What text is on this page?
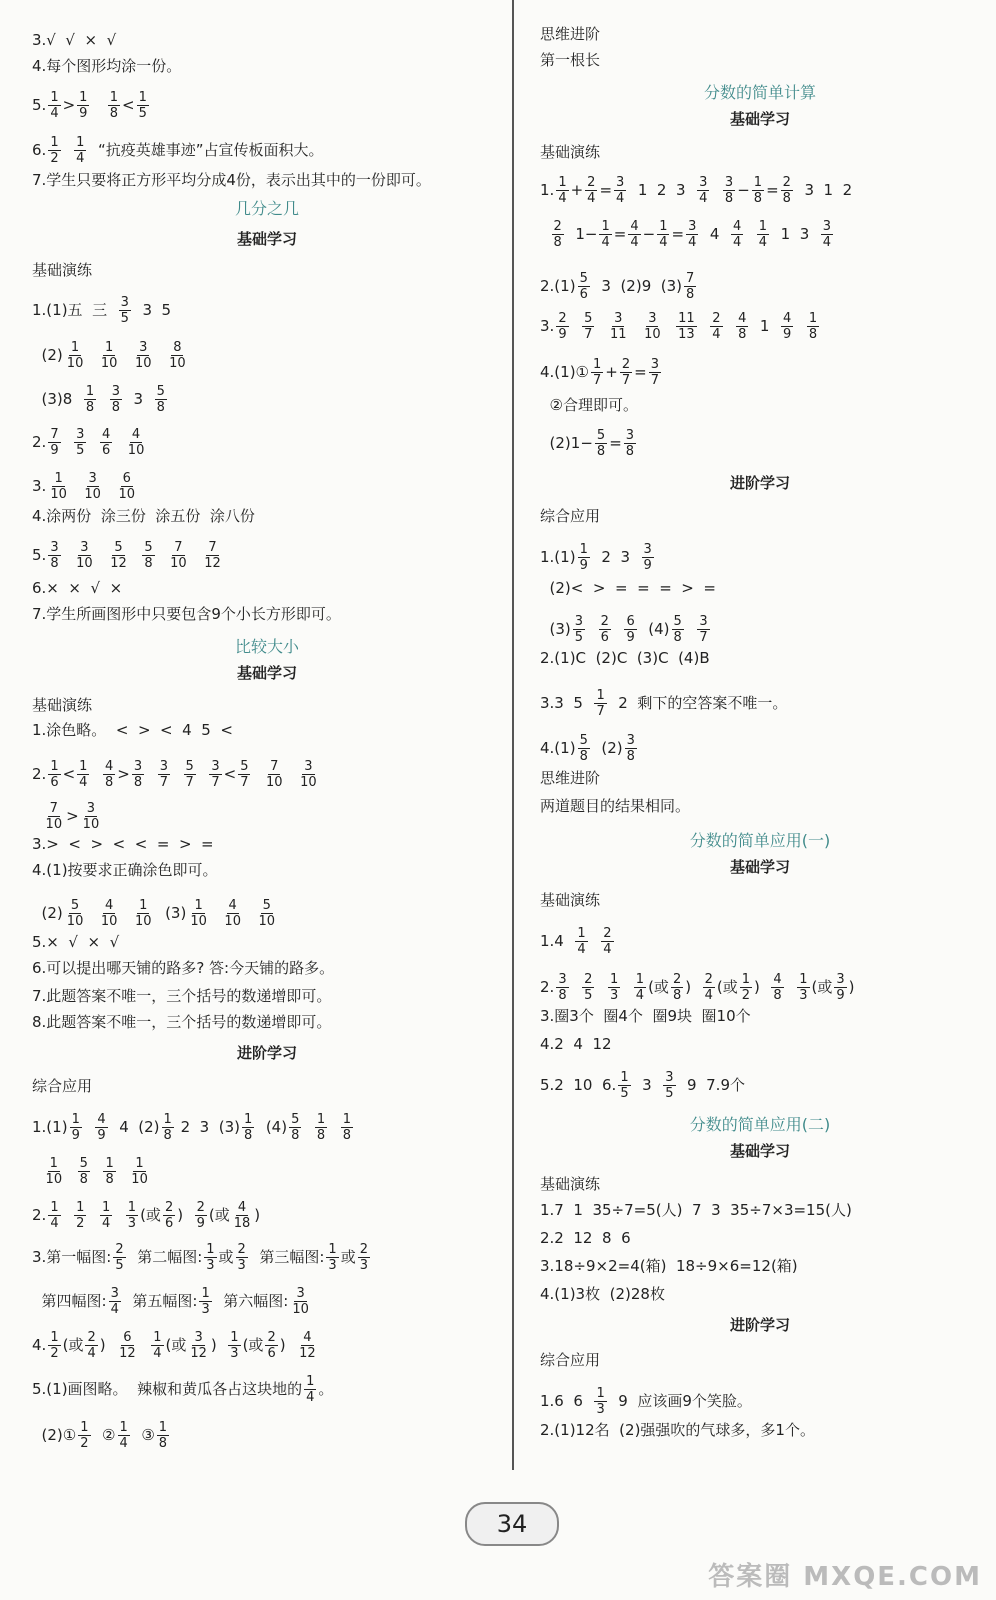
3.√  √  ×  √
4.每个图形均涂一份。
5. $\frac{1}{4} > \frac{1}{9}$
$\frac{1}{8} < \frac{1}{5}$
6. $\frac{1}{2}$
$\frac{1}{4}$ “抗疫英雄事迹”占宣传板面积大。
7.学生只要将正方形平均分成4份，表示出其中的一份即可。
几分之几
基础学习
基础演练
1.(1)五  三 $\frac{3}{5} 3$  5
$(2) \frac{1}{10}$
$\frac{1}{10}$
$\frac{3}{10}$
$\frac{8}{10}$
$(3)8 \frac{1}{8}$
$\frac{3}{8} 3 \frac{5}{8}$
2. $\frac{7}{9}$
$\frac{3}{5}$
$\frac{4}{6}$
$\frac{4}{10}$
3. $\frac{1}{10}$
$\frac{3}{10}$
$\frac{6}{10}$
4.涂两份  涂三份  涂五份  涂八份
5. $\frac{3}{8}$
$\frac{3}{10}$
$\frac{5}{12}$
$\frac{5}{8}$
$\frac{7}{10}$
$\frac{7}{12}$
6.×  ×  √  ×
7.学生所画图形中只要包含9个小长方形即可。
比较大小
基础学习
基础演练
1.涂色略。  <  >  <  4  5  <
2. $\frac{1}{6} < \frac{1}{4}$
$\frac{4}{8} > \frac{3}{8}$
$\frac{3}{7}$
$\frac{5}{7}$
$\frac{3}{7} < \frac{5}{7}$
$\frac{7}{10}$
$\frac{3}{10}$

$\frac{7}{10} > \frac{3}{10}$
3.>  <  >  <  <  =  >  =
4.(1)按要求正确涂色即可。
$(2) \frac{5}{10}$
$\frac{4}{10}$
$\frac{1}{10} (3) \frac{1}{10}$
$\frac{4}{10}$
$\frac{5}{10}$
5.×  √  ×  √
6.可以提出哪天铺的路多? 答:今天铺的路多。
7.此题答案不唯一，三个括号的数递增即可。
8.此题答案不唯一，三个括号的数递增即可。
进阶学习
综合应用
$1.(1) \frac{1}{9}$
$\frac{4}{9} 4$  $(2) \frac{1}{8} 2$  3  $(3) \frac{1}{8} (4) \frac{5}{8}$
$\frac{1}{8}$
$\frac{1}{8}$

$\frac{1}{10}$
$\frac{5}{8}$
$\frac{1}{8}$
$\frac{1}{10}$
2. $\frac{1}{4}$
$\frac{1}{2}$
$\frac{1}{4}$
$\frac{1}{3}$ (或 $\frac{2}{6}$ ) $\frac{2}{9}$ (或 $\frac{4}{18}$ )
3.第一幅图: $\frac{2}{5}$ 第二幅图: $\frac{1}{3}$ 或 $\frac{2}{3}$ 第三幅图: $\frac{1}{3}$ 或 $\frac{2}{3}$
第四幅图: $\frac{3}{4}$ 第五幅图: $\frac{1}{3}$ 第六幅图: $\frac{3}{10}$
4. $\frac{1}{2}$ (或 $\frac{2}{4}$ ) $\frac{6}{12}$
$\frac{1}{4}$ (或 $\frac{3}{12}$ ) $\frac{1}{3}$ (或 $\frac{2}{6}$ ) $\frac{4}{12}$
5.(1)画图略。  辣椒和黄瓜各占这块地的 $\frac{1}{4}$ 。
(2)① $\frac{1}{2}$ ② $\frac{1}{4}$ ③ $\frac{1}{8}$
思维进阶
第一根长
分数的简单计算
基础学习
基础演练
1. $\frac{1}{4} + \frac{2}{4} = \frac{3}{4} 1$  2  $3 \frac{3}{4}$
$\frac{3}{8} - \frac{1}{8} = \frac{2}{8} 3$  1  2

$\frac{2}{8} 1- \frac{1}{4} = \frac{4}{4} - \frac{1}{4} = \frac{3}{4} 4 \frac{4}{4}$
$\frac{1}{4} 1$  $3 \frac{3}{4}$
$2.(1) \frac{5}{6} 3$  (2)9  $(3) \frac{7}{8}$
3. $\frac{2}{9}$
$\frac{5}{7}$
$\frac{3}{11}$
$\frac{3}{10}$
$\frac{11}{13}$
$\frac{2}{4}$
$\frac{4}{8} 1 \frac{4}{9}$
$\frac{1}{8}$
4.(1)① $\frac{1}{7} + \frac{2}{7} = \frac{3}{7}$
②合理即可。
$(2)1- \frac{5}{8} = \frac{3}{8}$
进阶学习
综合应用
$1.(1) \frac{1}{9} 2$  $3 \frac{3}{9}$
(2)<  >  =  =  =  >  =
$(3) \frac{3}{5}$
$\frac{2}{6}$
$\frac{6}{9} (4) \frac{5}{8}$
$\frac{3}{7}$
2.(1)C  (2)C  (3)C  (4)B
3.3  $5 \frac{1}{7} 2$  剩下的空答案不唯一。
$4.(1) \frac{5}{8} (2) \frac{3}{8}$
思维进阶
两道题目的结果相同。
分数的简单应用(一)
基础学习
基础演练
$1.4 \frac{1}{4}$
$\frac{2}{4}$
2. $\frac{3}{8}$
$\frac{2}{5}$
$\frac{1}{3}$
$\frac{1}{4}$ (或 $\frac{2}{8}$ ) $\frac{2}{4}$ (或 $\frac{1}{2}$ ) $\frac{4}{8}$
$\frac{1}{3}$ (或 $\frac{3}{9}$ )
3.圈3个  圈4个  圈9块  圈10个
4.2  4  12
5.2  10  6. $\frac{1}{5} 3 \frac{3}{5} 9$  7.9个
分数的简单应用(二)
基础学习
基础演练
1.7  1  35÷7=5(人)  7  3  35÷7×3=15(人)
2.2  12  8  6
3.18÷9×2=4(箱)  18÷9×6=12(箱)
4.(1)3枚  (2)28枚
进阶学习
综合应用
1.6  $6 \frac{1}{3} 9$  应该画9个笑脸。
2.(1)12名  (2)强强吹的气球多，多1个。
34
答案圈 MXQE.COM
